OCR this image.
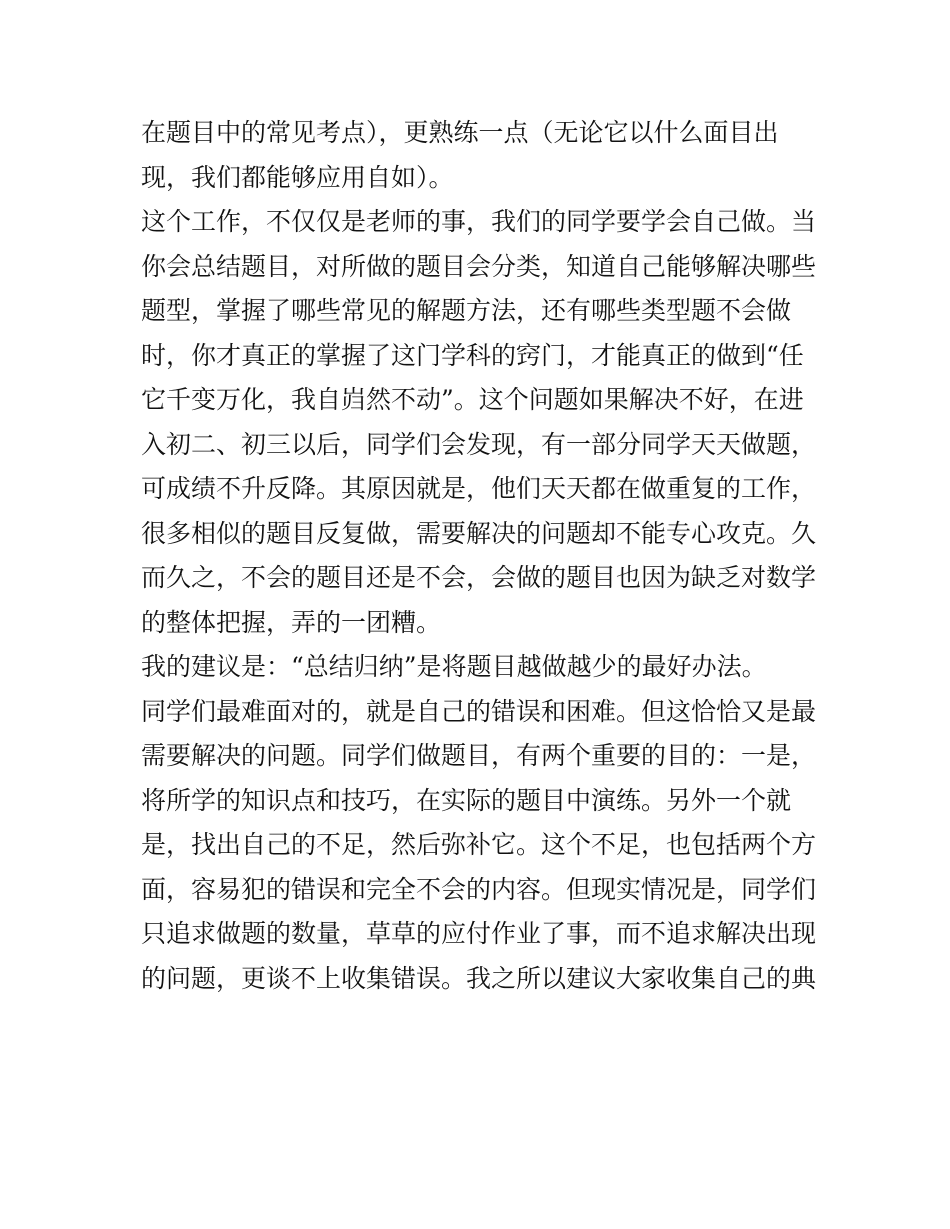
在题目中的常见考点），更熟练一点（无论它以什么面目出
现，我们都能够应用自如）。
这个工作，不仅仅是老师的事，我们的同学要学会自己做。当
你会总结题目，对所做的题目会分类，知道自己能够解决哪些
题型，掌握了哪些常见的解题方法，还有哪些类型题不会做
时，你才真正的掌握了这门学科的窍门，才能真正的做到“任
它千变万化，我自岿然不动”。这个问题如果解决不好，在进
入初二、初三以后，同学们会发现，有一部分同学天天做题，
可成绩不升反降。其原因就是，他们天天都在做重复的工作，
很多相似的题目反复做，需要解决的问题却不能专心攻克。久
而久之，不会的题目还是不会，会做的题目也因为缺乏对数学
的整体把握，弄的一团糟。
我的建议是：“总结归纳”是将题目越做越少的最好办法。
同学们最难面对的，就是自己的错误和困难。但这恰恰又是最
需要解决的问题。同学们做题目，有两个重要的目的：一是，
将所学的知识点和技巧，在实际的题目中演练。另外一个就
是，找出自己的不足，然后弥补它。这个不足，也包括两个方
面，容易犯的错误和完全不会的内容。但现实情况是，同学们
只追求做题的数量，草草的应付作业了事，而不追求解决出现
的问题，更谈不上收集错误。我之所以建议大家收集自己的典
